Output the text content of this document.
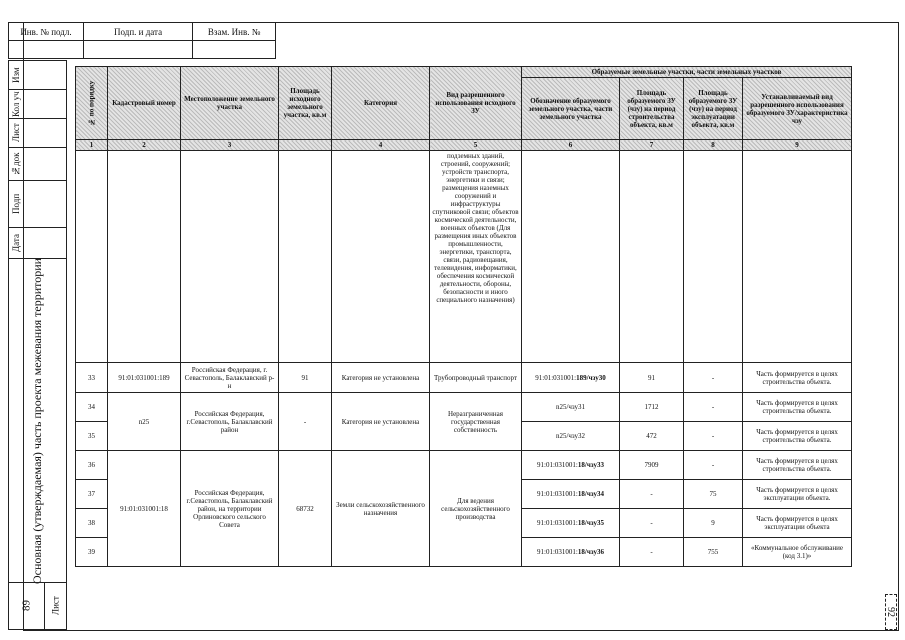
Инв. № подл.	Подп. и дата	Взам. Инв. №

Изм
Кол уч
Лист
№док
Подп
Дата
Основная (утверждаемая) часть проекта межевания территории
89	Лист
№ по порядку	Кадастровый номер	Местоположение земельного участка	Площадь исходного земельного участка, кв.м	Категория	Вид разрешенного использования исходного ЗУ	Образуемые земельные участки, части земельных участков			
						Обозначение образуемого земельного участка, части земельного участка	Площадь образуемого ЗУ (чзу) на период строительства объекта, кв.м	Площадь образуемого ЗУ (чзу) на период эксплуатации объекта, кв.м	Устанавливаемый вид разрешенного использования образуемого ЗУ/характеристика чзу
1	2	3		4	5	6	7	8	9
					подземных зданий, строений, сооружений; устройств транспорта, энергетики и связи; размещения наземных сооружений и инфраструктуры спутниковой связи; объектов космической деятельности, военных объектов (Для размещения иных объектов промышленности, энергетики, транспорта, связи, радиовещания, телевидения, информатики, обеспечения космической деятельности, обороны, безопасности и иного специального назначения)				
33	91:01:031001:189	Российская Федерация, г. Севастополь, Балаклавский р-н	91	Категория не установлена	Трубопроводный транспорт	91:01:031001:189/чзу30	91	-	Часть формируется в целях строительства объекта.
34	n25	Российская Федерация, г.Севастополь, Балаклавский район	-	Категория не установлена	Неразграниченная государственная собственность	n25/чзу31	1712	-	Часть формируется в целях строительства объекта.
35						n25/чзу32	472	-	Часть формируется в целях строительства объекта.
36	91:01:031001:18	Российская Федерация, г.Севастополь, Балаклавский район, на территории Орлиновского сельского Совета	68732	Земли сельскохозяйственного назначения	Для ведения сельскохозяйственного производства	91:01:031001:18/чзу33	7909	-	Часть формируется в целях строительства объекта.
37						91:01:031001:18/чзу34	-	75	Часть формируется в целях эксплуатации объекта.
38						91:01:031001:18/чзу35	-	9	Часть формируется в целях эксплуатации объекта
39						91:01:031001:18/чзу36	-	755	«Коммунальное обслуживание (код 3.1)»
92
